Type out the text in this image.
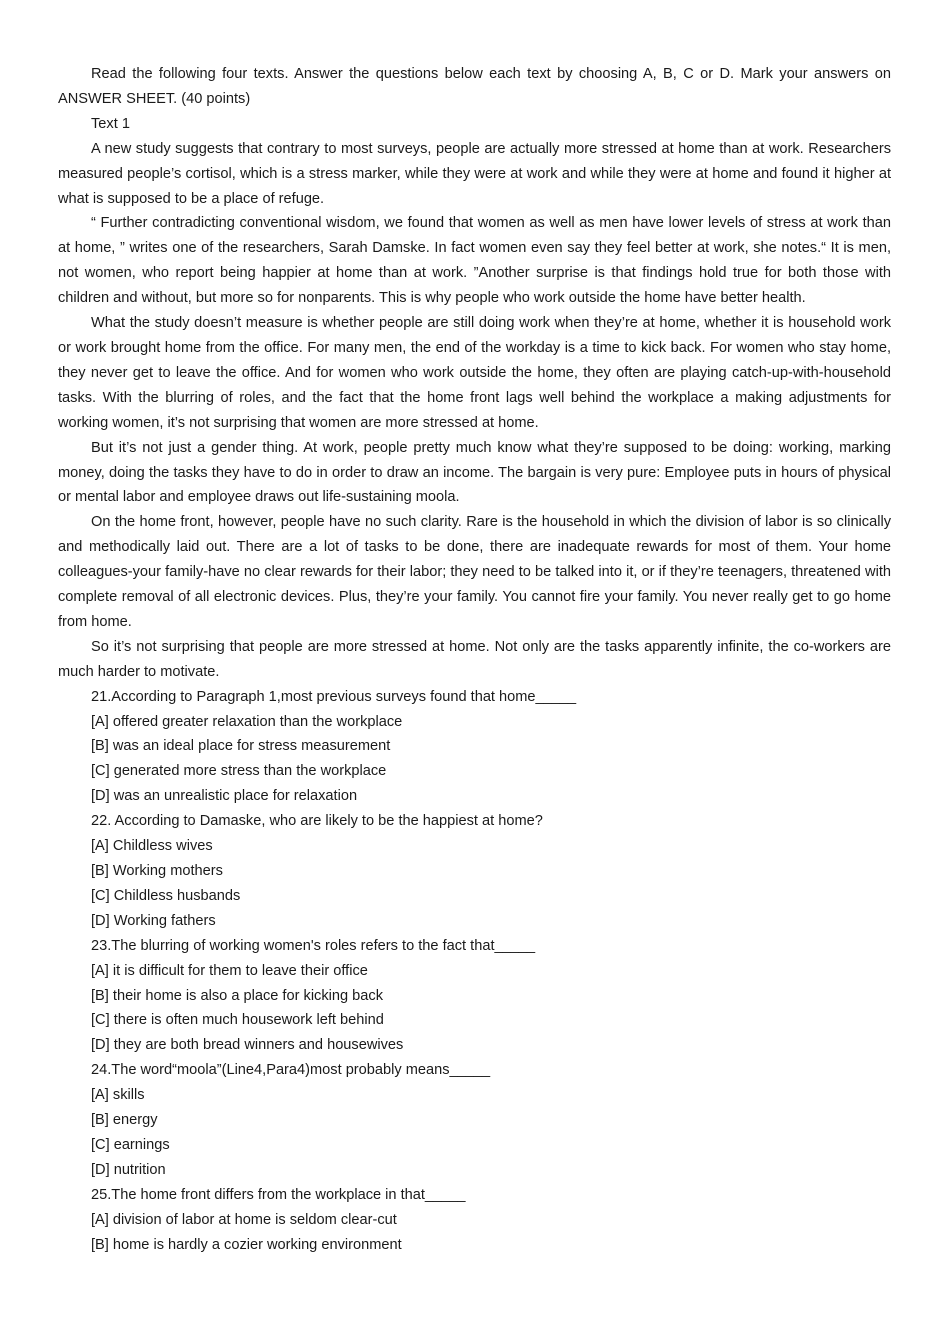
Read the following four texts. Answer the questions below each text by choosing A, B, C or D. Mark your answers on ANSWER SHEET. (40 points)

Text 1

A new study suggests that contrary to most surveys, people are actually more stressed at home than at work. Researchers measured people’s cortisol, which is a stress marker, while they were at work and while they were at home and found it higher at what is supposed to be a place of refuge.

“ Further contradicting conventional wisdom, we found that women as well as men have lower levels of stress at work than at home, ” writes one of the researchers, Sarah Damske. In fact women even say they feel better at work, she notes.“ It is men, not women, who report being happier at home than at work. ”Another surprise is that findings hold true for both those with children and without, but more so for nonparents. This is why people who work outside the home have better health.

What the study doesn’t measure is whether people are still doing work when they’re at home, whether it is household work or work brought home from the office. For many men, the end of the workday is a time to kick back. For women who stay home, they never get to leave the office. And for women who work outside the home, they often are playing catch-up-with-household tasks. With the blurring of roles, and the fact that the home front lags well behind the workplace a making adjustments for working women, it’s not surprising that women are more stressed at home.

But it’s not just a gender thing. At work, people pretty much know what they’re supposed to be doing: working, marking money, doing the tasks they have to do in order to draw an income. The bargain is very pure: Employee puts in hours of physical or mental labor and employee draws out life-sustaining moola.

On the home front, however, people have no such clarity. Rare is the household in which the division of labor is so clinically and methodically laid out. There are a lot of tasks to be done, there are inadequate rewards for most of them. Your home colleagues-your family-have no clear rewards for their labor; they need to be talked into it, or if they’re teenagers, threatened with complete removal of all electronic devices. Plus, they’re your family. You cannot fire your family. You never really get to go home from home.

So it’s not surprising that people are more stressed at home. Not only are the tasks apparently infinite, the co-workers are much harder to motivate.

21.According to Paragraph 1,most previous surveys found that home_____

[A] offered greater relaxation than the workplace

[B] was an ideal place for stress measurement

[C] generated more stress than the workplace

[D] was an unrealistic place for relaxation

22. According to Damaske, who are likely to be the happiest at home?

[A] Childless wives

[B] Working mothers

[C] Childless husbands

[D] Working fathers

23.The blurring of working women's roles refers to the fact that_____

[A] it is difficult for them to leave their office

[B] their home is also a place for kicking back

[C] there is often much housework left behind

[D] they are both bread winners and housewives

24.The word“moola”(Line4,Para4)most probably means_____

[A] skills

[B] energy

[C] earnings

[D] nutrition

25.The home front differs from the workplace in that_____

[A] division of labor at home is seldom clear-cut

[B] home is hardly a cozier working environment
